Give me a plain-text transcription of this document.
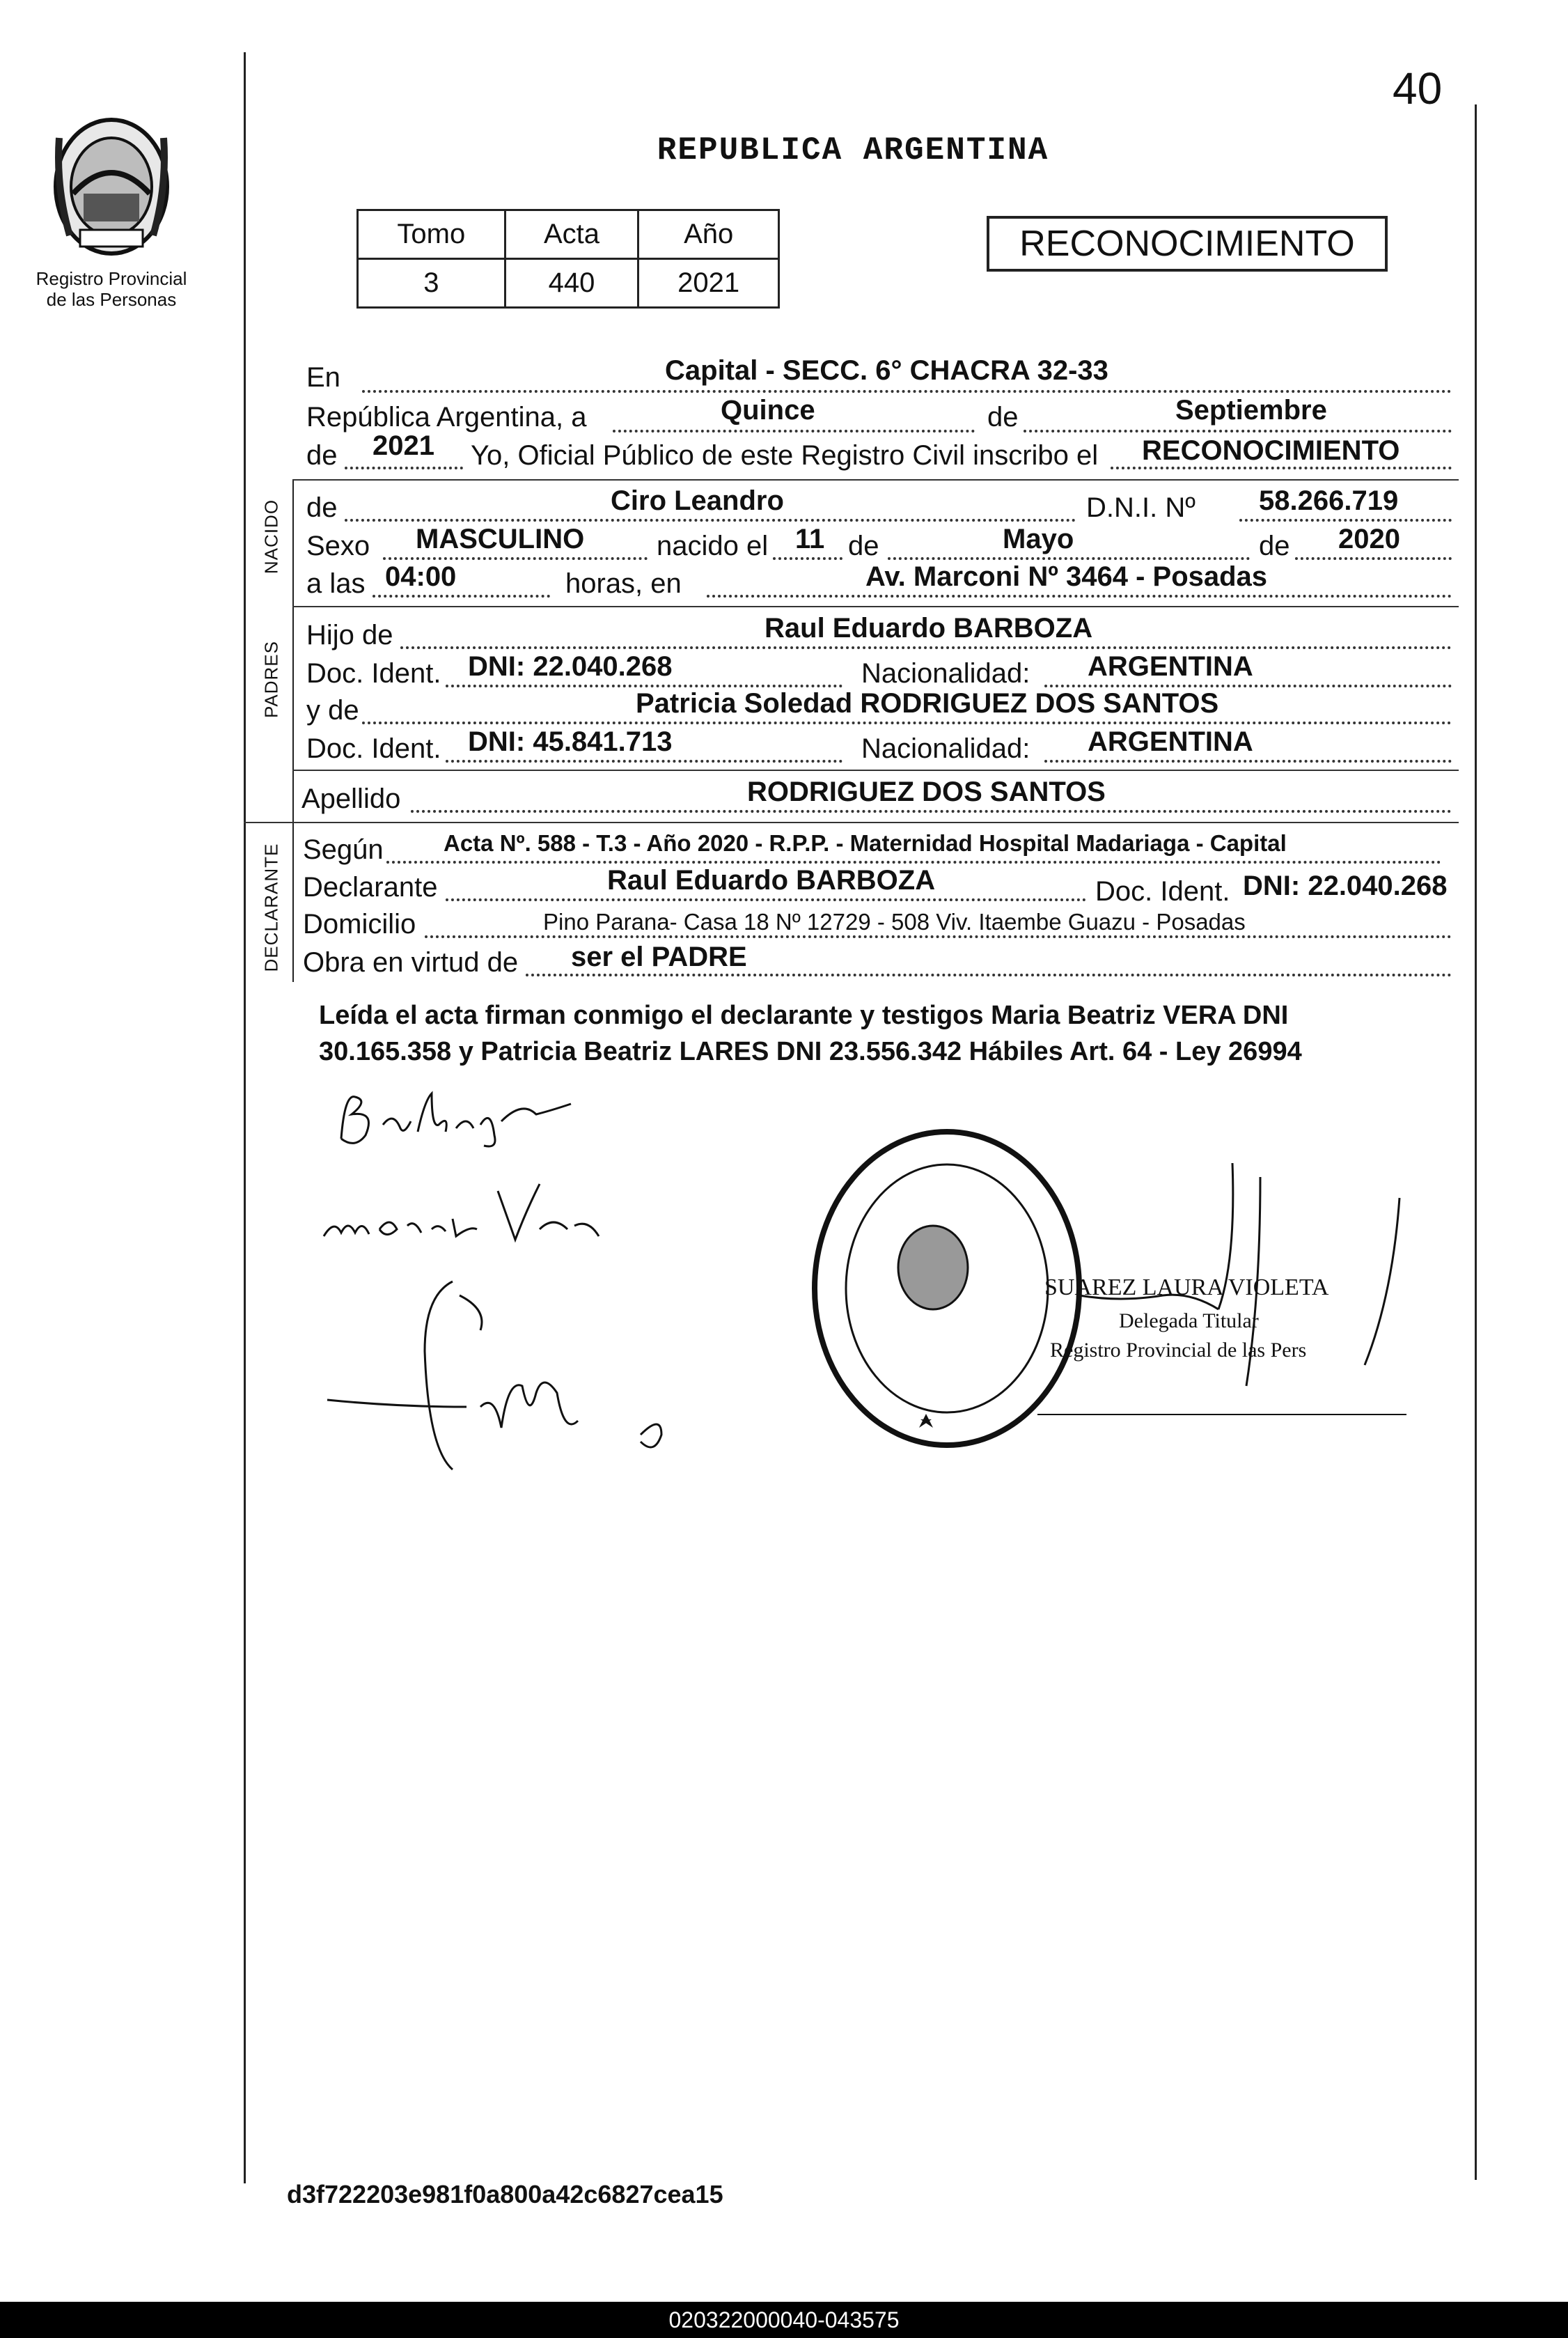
40
Registro Provincial
de las Personas
REPUBLICA ARGENTINA
Tomo	Acta	Año
3	440	2021
RECONOCIMIENTO
En	Capital - SECC. 6° CHACRA 32-33
República Argentina, a	Quince	de	Septiembre
de 2021 Yo, Oficial Público de este Registro Civil inscribo el RECONOCIMIENTO
NACIDO de	Ciro Leandro	D.N.I. Nº 58.266.719
Sexo MASCULINO	nacido el 11 de	Mayo	de 2020
a las 04:00	horas, en	Av. Marconi Nº 3464 - Posadas
PADRES
Hijo de	Raul Eduardo BARBOZA
Doc. Ident. DNI: 22.040.268	Nacionalidad: ARGENTINA
y de	Patricia Soledad RODRIGUEZ DOS SANTOS
Doc. Ident. DNI: 45.841.713	Nacionalidad: ARGENTINA
Apellido	RODRIGUEZ DOS SANTOS
DECLARANTE Según	Acta Nº. 588 - T.3 - Año 2020 - R.P.P. - Maternidad Hospital Madariaga - Capital
Declarante	Raul Eduardo BARBOZA	Doc. Ident. DNI: 22.040.268
Domicilio	Pino Parana- Casa 18 Nº 12729 - 508 Viv. Itaembe Guazu - Posadas
Obra en virtud de ser el PADRE
Leída el acta firman conmigo el declarante y testigos Maria Beatriz VERA DNI
30.165.358 y Patricia Beatriz LARES DNI 23.556.342 Hábiles Art. 64 - Ley 26994
SUAREZ LAURA VIOLETA
Delegada Titular
Registro Provincial de las Pers
d3f722203e981f0a800a42c6827cea15
020322000040-043575
